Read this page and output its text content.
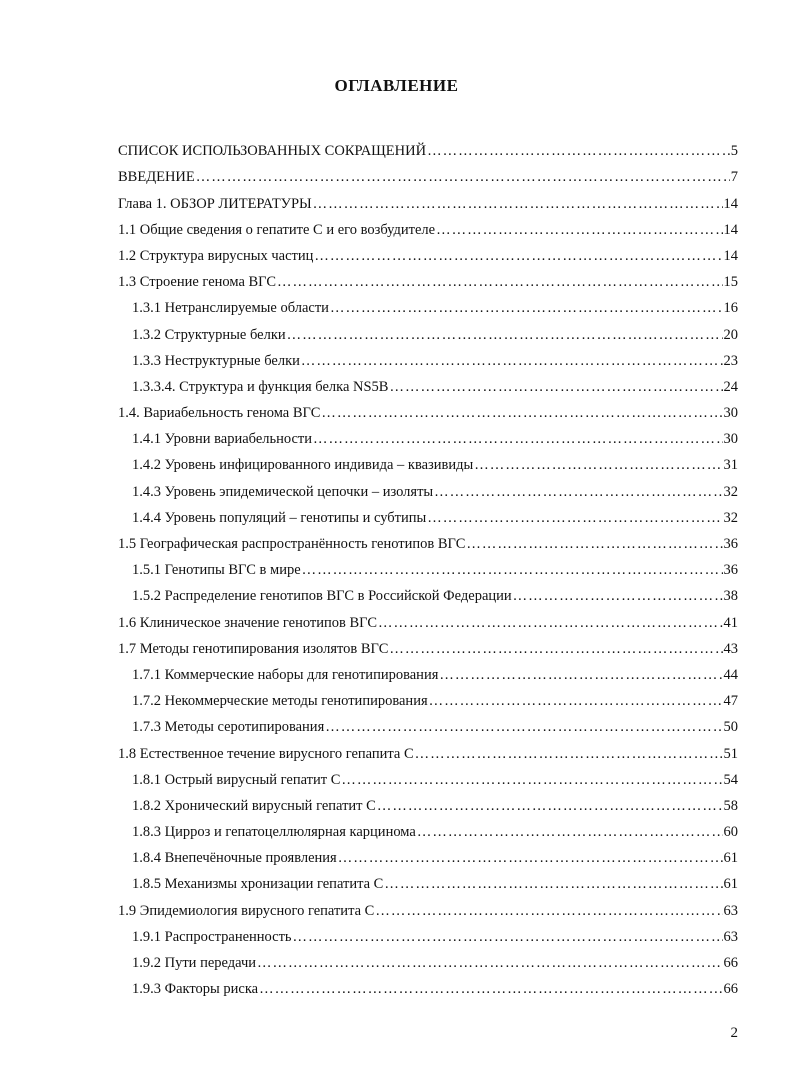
ОГЛАВЛЕНИЕ
СПИСОК ИСПОЛЬЗОВАННЫХ СОКРАЩЕНИЙ ……………………………………………………………………………………………………………………………………………………………………	5
ВВЕДЕНИЕ ……………………………………………………………………………………………………………………………………………………………………	7
Глава 1. ОБЗОР ЛИТЕРАТУРЫ ……………………………………………………………………………………………………………………………………………………………………	14
1.1 Общие сведения о гепатите С и его возбудителе ……………………………………………………………………………………………………………………………………………………………………	14
1.2 Структура вирусных частиц ……………………………………………………………………………………………………………………………………………………………………	14
1.3 Строение генома ВГС ……………………………………………………………………………………………………………………………………………………………………	15
1.3.1 Нетранслируемые области ……………………………………………………………………………………………………………………………………………………………………	16
1.3.2 Структурные белки ……………………………………………………………………………………………………………………………………………………………………	20
1.3.3 Неструктурные белки ……………………………………………………………………………………………………………………………………………………………………	23
1.3.3.4. Структура и функция белка NS5B ……………………………………………………………………………………………………………………………………………………………………	24
1.4. Вариабельность генома ВГС ……………………………………………………………………………………………………………………………………………………………………	30
1.4.1 Уровни вариабельности ……………………………………………………………………………………………………………………………………………………………………	30
1.4.2 Уровень инфицированного индивида – квазивиды ……………………………………………………………………………………………………………………………………………………………………	31
1.4.3 Уровень эпидемической цепочки – изоляты ……………………………………………………………………………………………………………………………………………………………………	32
1.4.4 Уровень популяций – генотипы и субтипы ……………………………………………………………………………………………………………………………………………………………………	32
1.5 Географическая распространённость генотипов ВГС ……………………………………………………………………………………………………………………………………………………………………	36
1.5.1 Генотипы ВГС в мире ……………………………………………………………………………………………………………………………………………………………………	36
1.5.2 Распределение генотипов ВГС в Российской Федерации ……………………………………………………………………………………………………………………………………………………………………	38
1.6 Клиническое значение генотипов ВГС ……………………………………………………………………………………………………………………………………………………………………	41
1.7 Методы генотипирования изолятов ВГС ……………………………………………………………………………………………………………………………………………………………………	43
1.7.1 Коммерческие наборы для генотипирования ……………………………………………………………………………………………………………………………………………………………………	44
1.7.2 Некоммерческие методы генотипирования ……………………………………………………………………………………………………………………………………………………………………	47
1.7.3 Методы серотипирования ……………………………………………………………………………………………………………………………………………………………………	50
1.8 Естественное течение вирусного гепапита С ……………………………………………………………………………………………………………………………………………………………………	51
1.8.1 Острый вирусный гепатит С ……………………………………………………………………………………………………………………………………………………………………	54
1.8.2 Хронический вирусный гепатит С ……………………………………………………………………………………………………………………………………………………………………	58
1.8.3 Цирроз и гепатоцеллюлярная карцинома ……………………………………………………………………………………………………………………………………………………………………	60
1.8.4 Внепечёночные проявления ……………………………………………………………………………………………………………………………………………………………………	61
1.8.5 Механизмы хронизации гепатита С ……………………………………………………………………………………………………………………………………………………………………	61
1.9 Эпидемиология вирусного гепатита С ……………………………………………………………………………………………………………………………………………………………………	63
1.9.1 Распространенность ……………………………………………………………………………………………………………………………………………………………………	63
1.9.2 Пути передачи ……………………………………………………………………………………………………………………………………………………………………	66
1.9.3 Факторы риска ……………………………………………………………………………………………………………………………………………………………………	66
2
